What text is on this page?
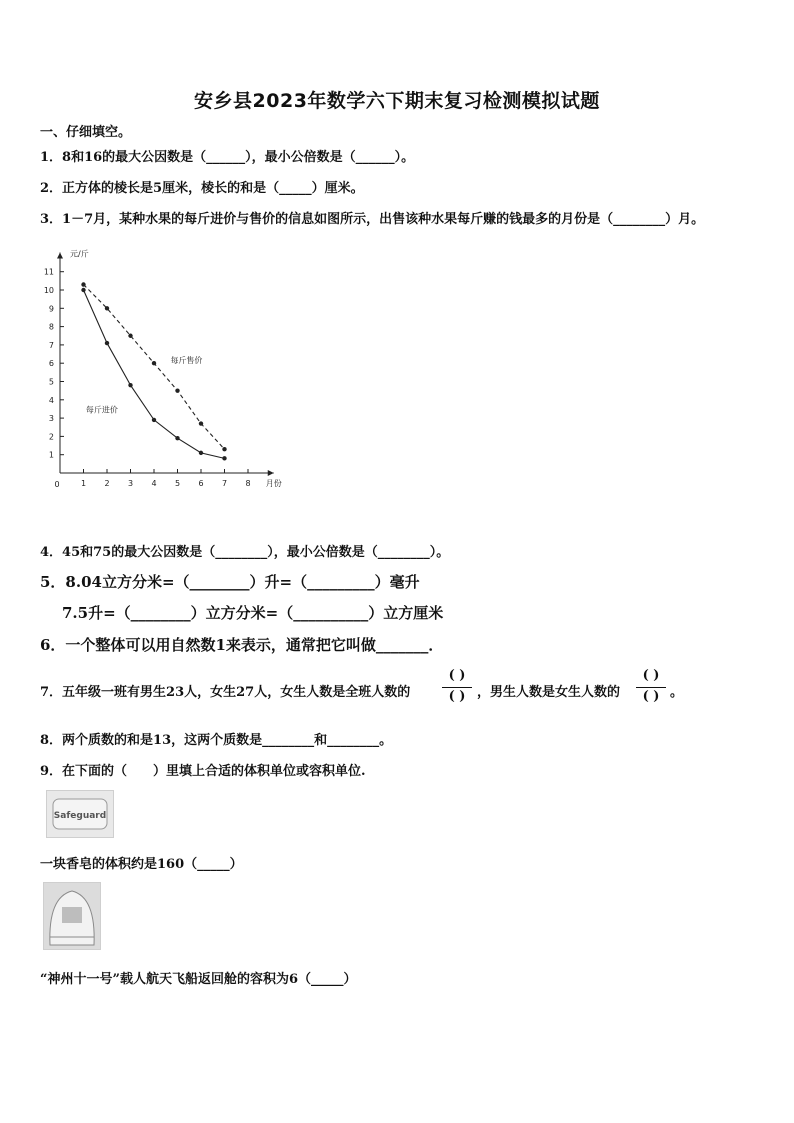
安乡县2023年数学六下期末复习检测模拟试题
一、仔细填空。
1．8和16的最大公因数是（______），最小公倍数是（______）。
2．正方体的棱长是5厘米，棱长的和是（_____）厘米。
3．1－7月，某种水果的每斤进价与售价的信息如图所示，出售该种水果每斤赚的钱最多的月份是（________）月。
1
2
3
4
5
6
7
8
9
10
11
1 2 3 4 5 6 7 8
0
元/斤
月份
每斤售价
每斤进价
4．45和75的最大公因数是（________），最小公倍数是（________）。
5．8.04立方分米=（________）升=（_________）毫升
7.5升=（________）立方分米=（__________）立方厘米
6．一个整体可以用自然数1来表示，通常把它叫做_______．
7．五年级一班有男生23人，女生27人，女生人数是全班人数的
( )
( ) ，男生人数是女生人数的
( )
( ) 。
8．两个质数的和是13，这两个质数是________和________。
9．在下面的（　　）里填上合适的体积单位或容积单位.
Safeguard
一块香皂的体积约是160（_____）
“神州十一号”载人航天飞船返回舱的容积为6（_____）
